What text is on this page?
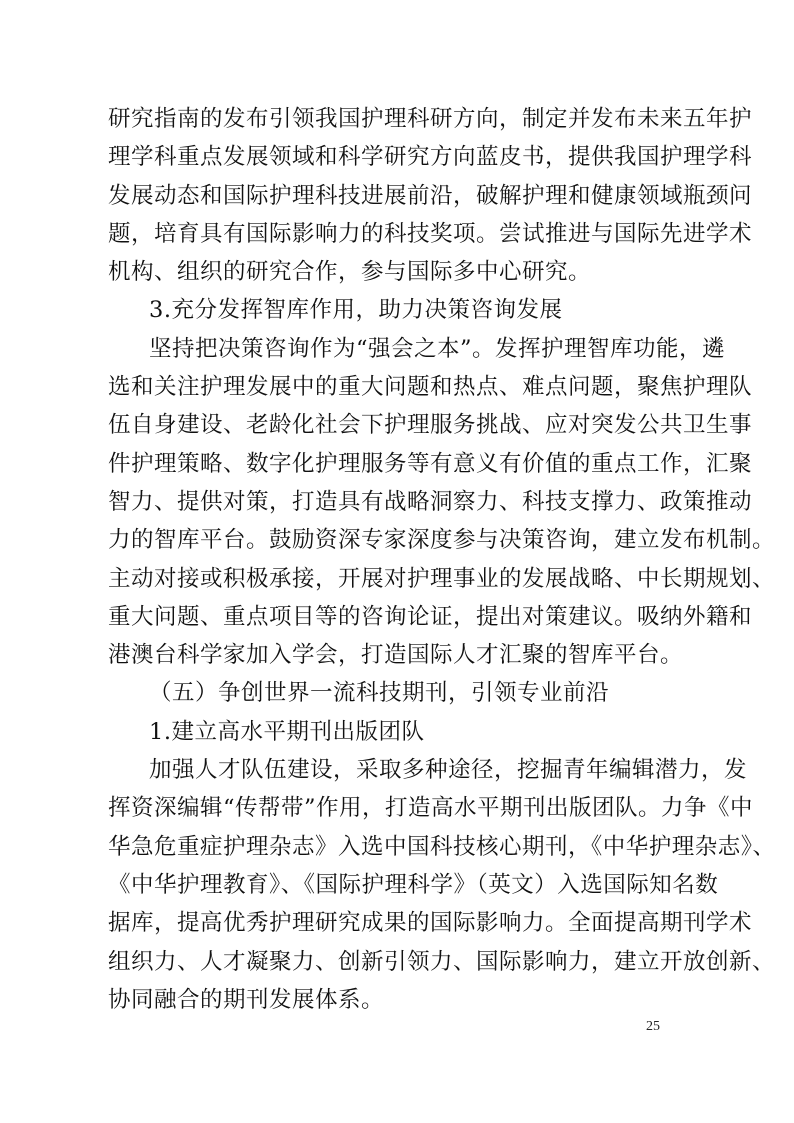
研究指南的发布引领我国护理科研方向，制定并发布未来五年护
理学科重点发展领域和科学研究方向蓝皮书，提供我国护理学科
发展动态和国际护理科技进展前沿，破解护理和健康领域瓶颈问
题，培育具有国际影响力的科技奖项。尝试推进与国际先进学术
机构、组织的研究合作，参与国际多中心研究。
3.充分发挥智库作用，助力决策咨询发展
坚持把决策咨询作为“强会之本”。发挥护理智库功能，遴
选和关注护理发展中的重大问题和热点、难点问题，聚焦护理队
伍自身建设、老龄化社会下护理服务挑战、应对突发公共卫生事
件护理策略、数字化护理服务等有意义有价值的重点工作，汇聚
智力、提供对策，打造具有战略洞察力、科技支撑力、政策推动
力的智库平台。鼓励资深专家深度参与决策咨询，建立发布机制。
主动对接或积极承接，开展对护理事业的发展战略、中长期规划、
重大问题、重点项目等的咨询论证，提出对策建议。吸纳外籍和
港澳台科学家加入学会，打造国际人才汇聚的智库平台。
（五）争创世界一流科技期刊，引领专业前沿
1.建立高水平期刊出版团队
加强人才队伍建设，采取多种途径，挖掘青年编辑潜力，发
挥资深编辑“传帮带”作用，打造高水平期刊出版团队。力争《中
华急危重症护理杂志》入选中国科技核心期刊，《中华护理杂志》、
《中华护理教育》、《国际护理科学》（英文）入选国际知名数
据库，提高优秀护理研究成果的国际影响力。全面提高期刊学术
组织力、人才凝聚力、创新引领力、国际影响力，建立开放创新、
协同融合的期刊发展体系。
25
